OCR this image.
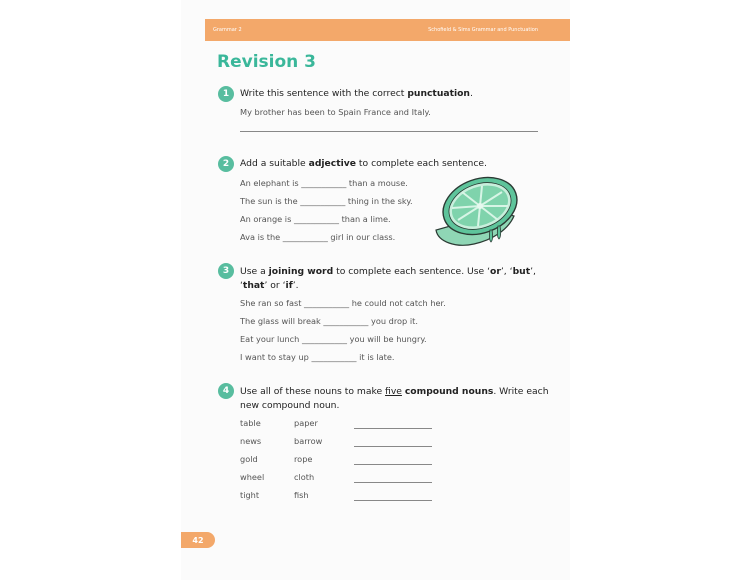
Grammar 2	Schofield & Sims Grammar and Punctuation
Revision 3
1	Write this sentence with the correct punctuation.
My brother has been to Spain France and Italy.
2	Add a suitable adjective to complete each sentence.
An elephant is ___________ than a mouse.
The sun is the ___________ thing in the sky.
An orange is ___________ than a lime.
Ava is the ___________ girl in our class.
3	Use a joining word to complete each sentence. Use ‘or’, ‘but’,
‘that’ or ‘if’.
She ran so fast ___________ he could not catch her.
The glass will break ___________ you drop it.
Eat your lunch ___________ you will be hungry.
I want to stay up ___________ it is late.
4	Use all of these nouns to make five compound nouns. Write each
new compound noun.
table	paper
news	barrow
gold	rope
wheel	cloth
tight	fish
42
